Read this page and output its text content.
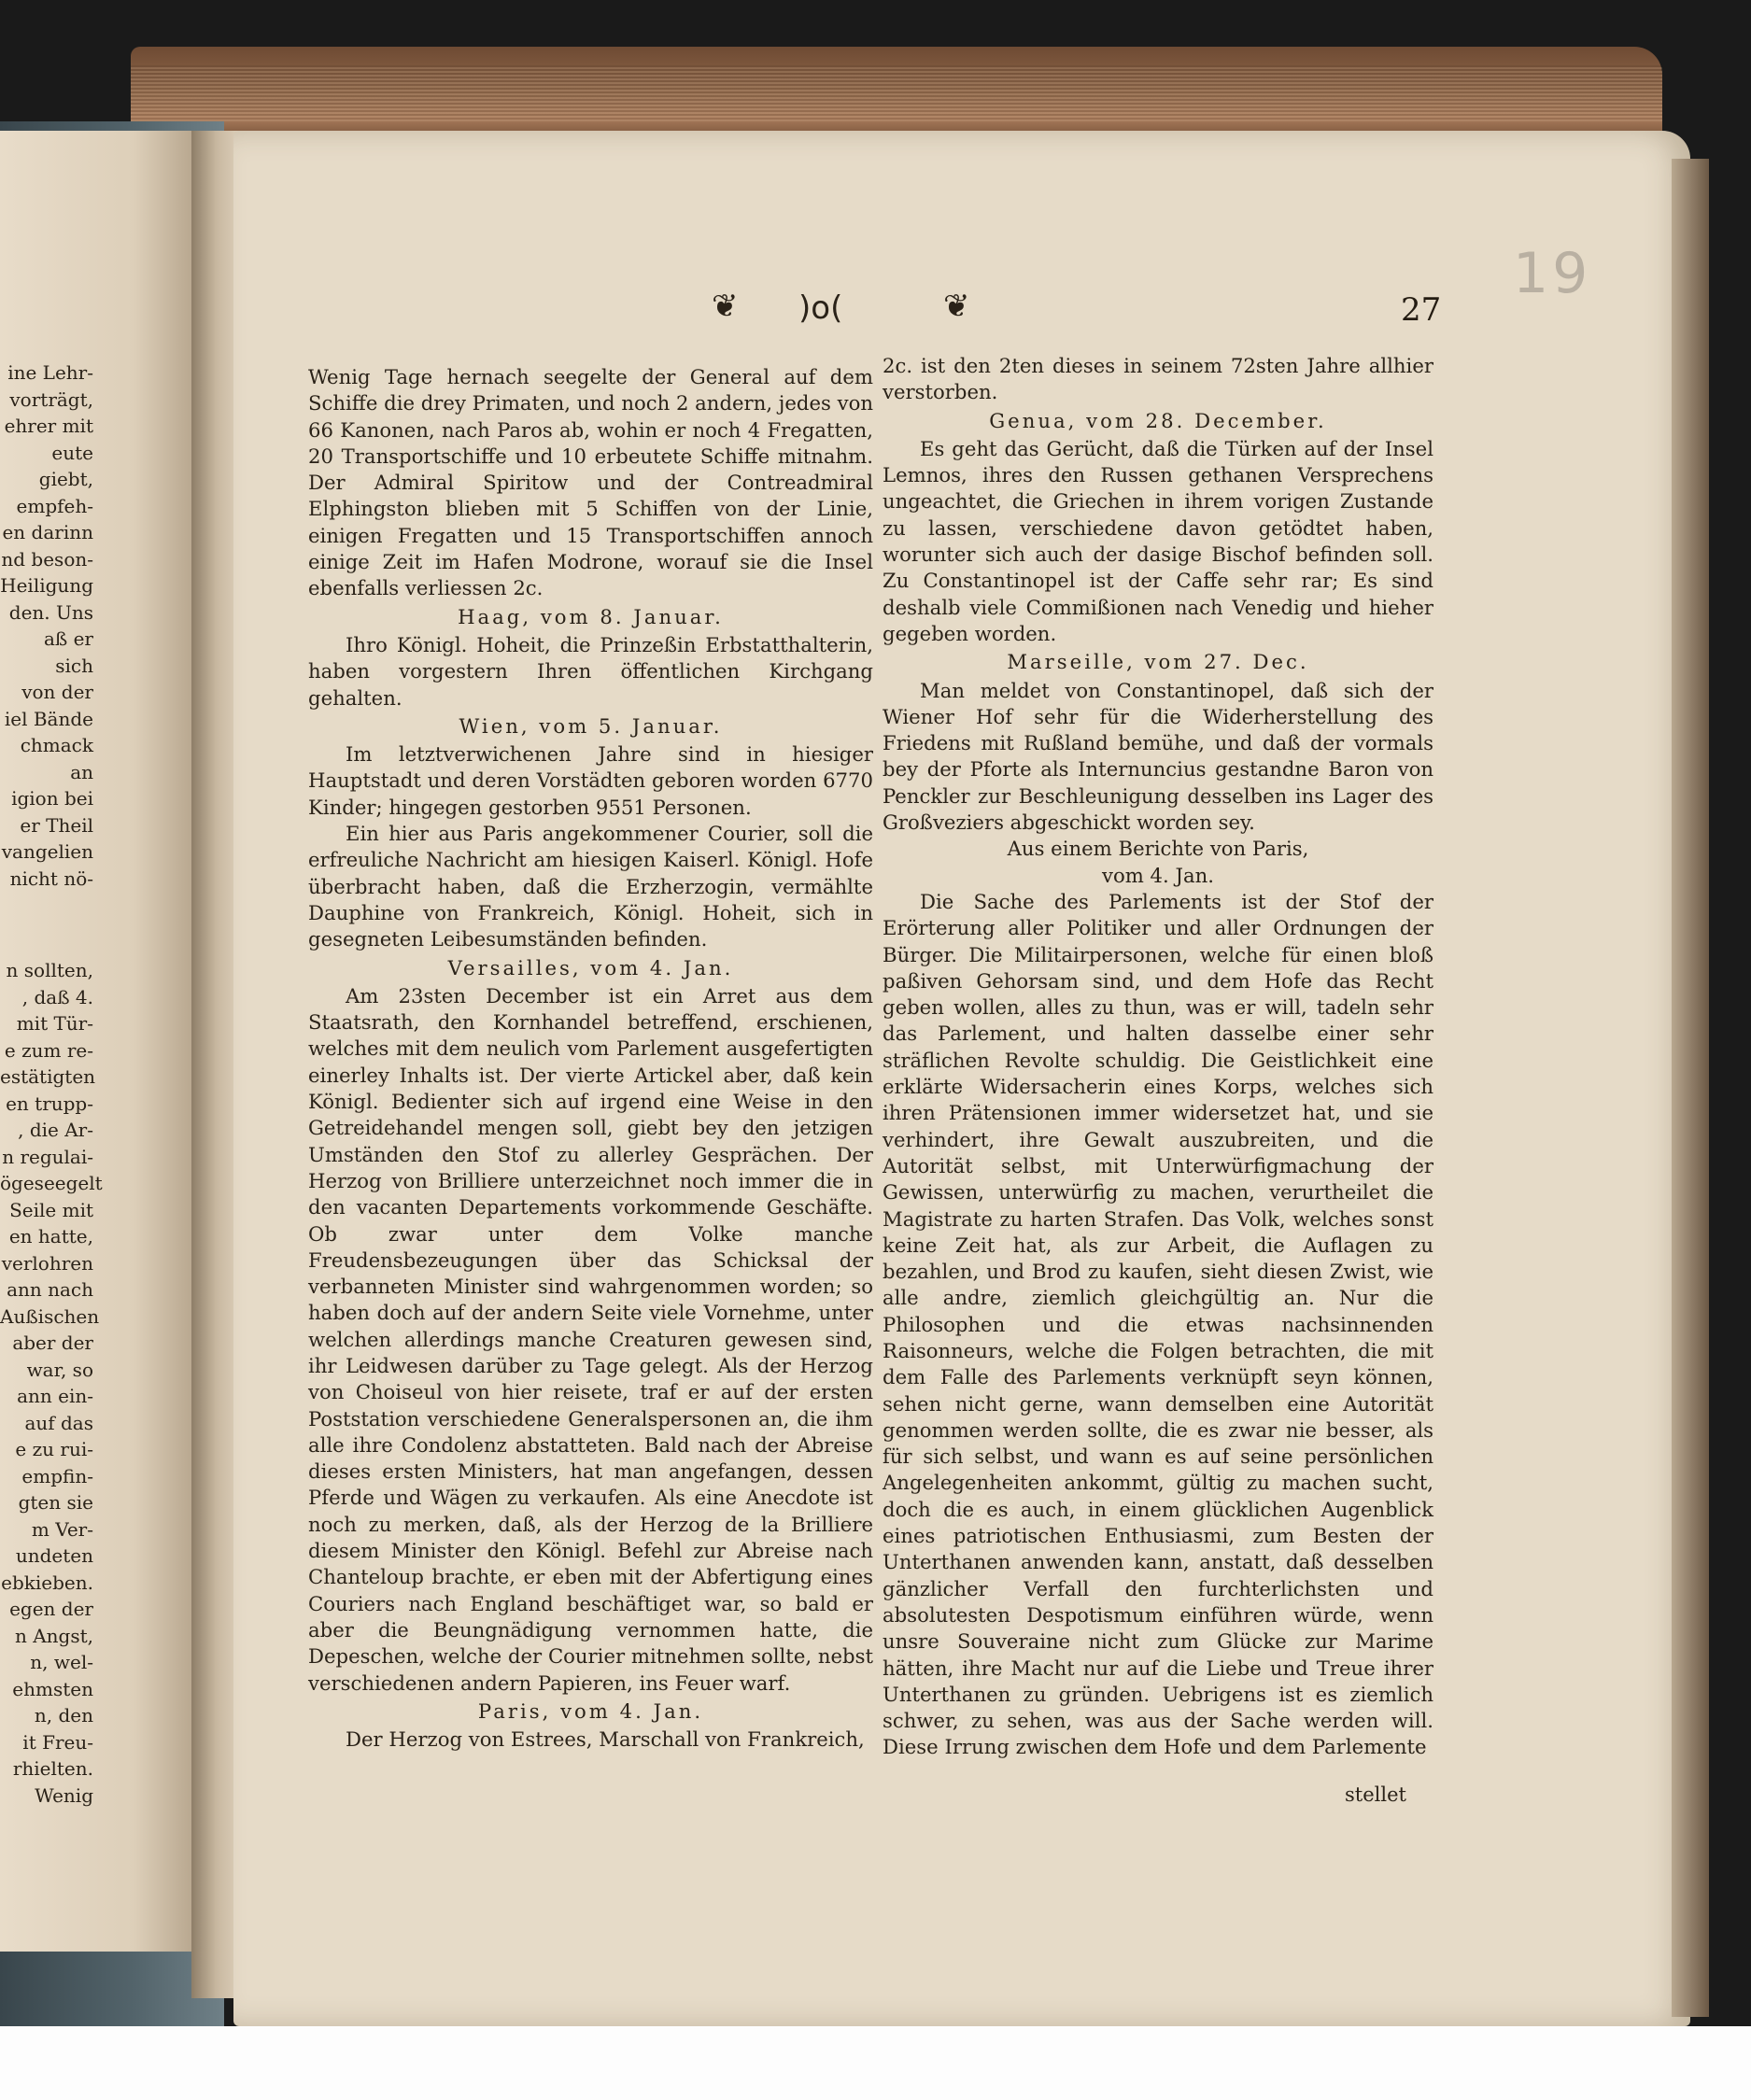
ine Lehr-
vorträgt,
ehrer mit
eute giebt,
empfeh-
en darinn
nd beson-
Heiligung
den. Uns
aß er sich
von der
iel Bände
chmack an
igion bei
er Theil
vangelien
nicht nö-
n sollten,
, daß 4.
mit Tür-
e zum re-
estätigten
en trupp-
, die Ar-
n regulai-
ögeseegelt
Seile mit
en hatte,
verlohren
ann nach
Außischen
aber der
war, so
ann ein-
auf das
e zu rui-
empfin-
gten sie
m Ver-
undeten
ebkieben.
egen der
n Angst,
n, wel-
ehmsten
n, den
it Freu-
rhielten.
Wenig
❦ )o(	❦	27
19

Wenig Tage hernach seegelte der General auf dem Schiffe die drey Primaten, und noch 2 andern, jedes von 66 Kanonen, nach Paros ab, wohin er noch 4 Fregatten, 20 Transportschiffe und 10 erbeutete Schiffe mitnahm. Der Admiral Spiritow und der Contreadmiral Elphingston blieben mit 5 Schiffen von der Linie, einigen Fregatten und 15 Transportschiffen annoch einige Zeit im Hafen Modrone, worauf sie die Insel ebenfalls verliessen 2c.

Haag, vom 8. Januar.

Ihro Königl. Hoheit, die Prinzeßin Erbstatthalterin, haben vorgestern Ihren öffentlichen Kirchgang gehalten.

Wien, vom 5. Januar.

Im letztverwichenen Jahre sind in hiesiger Hauptstadt und deren Vorstädten geboren worden 6770 Kinder; hingegen gestorben 9551 Personen.

Ein hier aus Paris angekommener Courier, soll die erfreuliche Nachricht am hiesigen Kaiserl. Königl. Hofe überbracht haben, daß die Erzherzogin, vermählte Dauphine von Frankreich, Königl. Hoheit, sich in gesegneten Leibesumständen befinden.

Versailles, vom 4. Jan.

Am 23sten December ist ein Arret aus dem Staatsrath, den Kornhandel betreffend, erschienen, welches mit dem neulich vom Parlement ausgefertigten einerley Inhalts ist. Der vierte Artickel aber, daß kein Königl. Bedienter sich auf irgend eine Weise in den Getreidehandel mengen soll, giebt bey den jetzigen Umständen den Stof zu allerley Gesprächen. Der Herzog von Brilliere unterzeichnet noch immer die in den vacanten Departements vorkommende Geschäfte. Ob zwar unter dem Volke manche Freudensbezeugungen über das Schicksal der verbanneten Minister sind wahrgenommen worden; so haben doch auf der andern Seite viele Vornehme, unter welchen allerdings manche Creaturen gewesen sind, ihr Leidwesen darüber zu Tage gelegt. Als der Herzog von Choiseul von hier reisete, traf er auf der ersten Poststation verschiedene Generalspersonen an, die ihm alle ihre Condolenz abstatteten. Bald nach der Abreise dieses ersten Ministers, hat man angefangen, dessen Pferde und Wägen zu verkaufen. Als eine Anecdote ist noch zu merken, daß, als der Herzog de la Brilliere diesem Minister den Königl. Befehl zur Abreise nach Chanteloup brachte, er eben mit der Abfertigung eines Couriers nach England beschäftiget war, so bald er aber die Beungnädigung vernommen hatte, die Depeschen, welche der Courier mitnehmen sollte, nebst verschiedenen andern Papieren, ins Feuer warf.

Paris, vom 4. Jan.

Der Herzog von Estrees, Marschall von Frankreich,

2c. ist den 2ten dieses in seinem 72sten Jahre allhier verstorben.

Genua, vom 28. December.

Es geht das Gerücht, daß die Türken auf der Insel Lemnos, ihres den Russen gethanen Versprechens ungeachtet, die Griechen in ihrem vorigen Zustande zu lassen, verschiedene davon getödtet haben, worunter sich auch der dasige Bischof befinden soll. Zu Constantinopel ist der Caffe sehr rar; Es sind deshalb viele Commißionen nach Venedig und hieher gegeben worden.

Marseille, vom 27. Dec.

Man meldet von Constantinopel, daß sich der Wiener Hof sehr für die Widerherstellung des Friedens mit Rußland bemühe, und daß der vormals bey der Pforte als Internuncius gestandne Baron von Penckler zur Beschleunigung desselben ins Lager des Großveziers abgeschickt worden sey.

Aus einem Berichte von Paris,

vom 4. Jan.

Die Sache des Parlements ist der Stof der Erörterung aller Politiker und aller Ordnungen der Bürger. Die Militairpersonen, welche für einen bloß paßiven Gehorsam sind, und dem Hofe das Recht geben wollen, alles zu thun, was er will, tadeln sehr das Parlement, und halten dasselbe einer sehr sträflichen Revolte schuldig. Die Geistlichkeit eine erklärte Widersacherin eines Korps, welches sich ihren Prätensionen immer widersetzet hat, und sie verhindert, ihre Gewalt auszubreiten, und die Autorität selbst, mit Unterwürfigmachung der Gewissen, unterwürfig zu machen, verurtheilet die Magistrate zu harten Strafen. Das Volk, welches sonst keine Zeit hat, als zur Arbeit, die Auflagen zu bezahlen, und Brod zu kaufen, sieht diesen Zwist, wie alle andre, ziemlich gleichgültig an. Nur die Philosophen und die etwas nachsinnenden Raisonneurs, welche die Folgen betrachten, die mit dem Falle des Parlements verknüpft seyn können, sehen nicht gerne, wann demselben eine Autorität genommen werden sollte, die es zwar nie besser, als für sich selbst, und wann es auf seine persönlichen Angelegenheiten ankommt, gültig zu machen sucht, doch die es auch, in einem glücklichen Augenblick eines patriotischen Enthusiasmi, zum Besten der Unterthanen anwenden kann, anstatt, daß desselben gänzlicher Verfall den furchterlichsten und absolutesten Despotismum einführen würde, wenn unsre Souveraine nicht zum Glücke zur Marime hätten, ihre Macht nur auf die Liebe und Treue ihrer Unterthanen zu gründen. Uebrigens ist es ziemlich schwer, zu sehen, was aus der Sache werden will. Diese Irrung zwischen dem Hofe und dem Parlemente

stellet
